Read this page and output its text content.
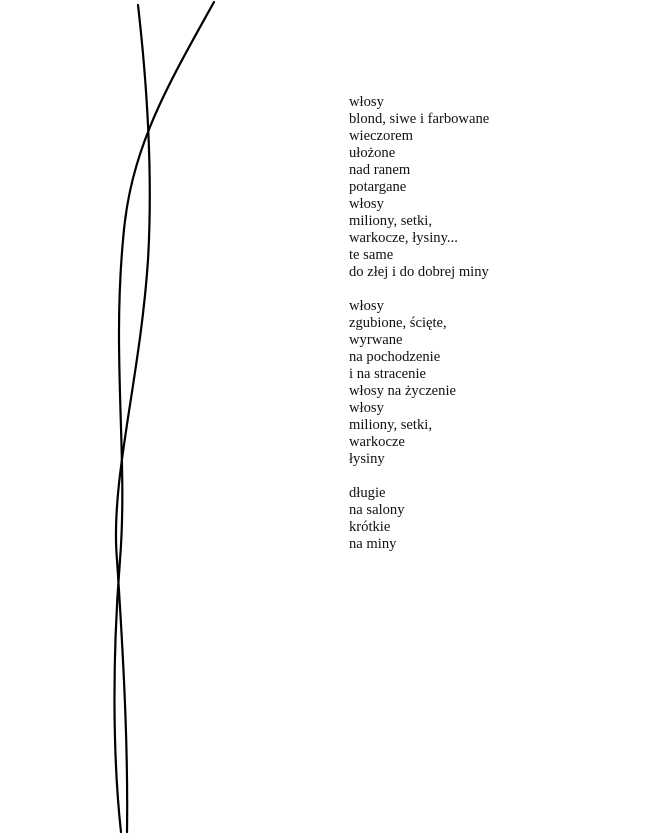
włosy
blond, siwe i farbowane
wieczorem
ułożone
nad ranem
potargane
włosy
miliony, setki,
warkocze, łysiny...
te same
do złej i do dobrej miny
włosy
zgubione, ścięte,
wyrwane
na pochodzenie
i na stracenie
włosy na życzenie
włosy
miliony, setki,
warkocze
łysiny
długie
na salony
krótkie
na miny
